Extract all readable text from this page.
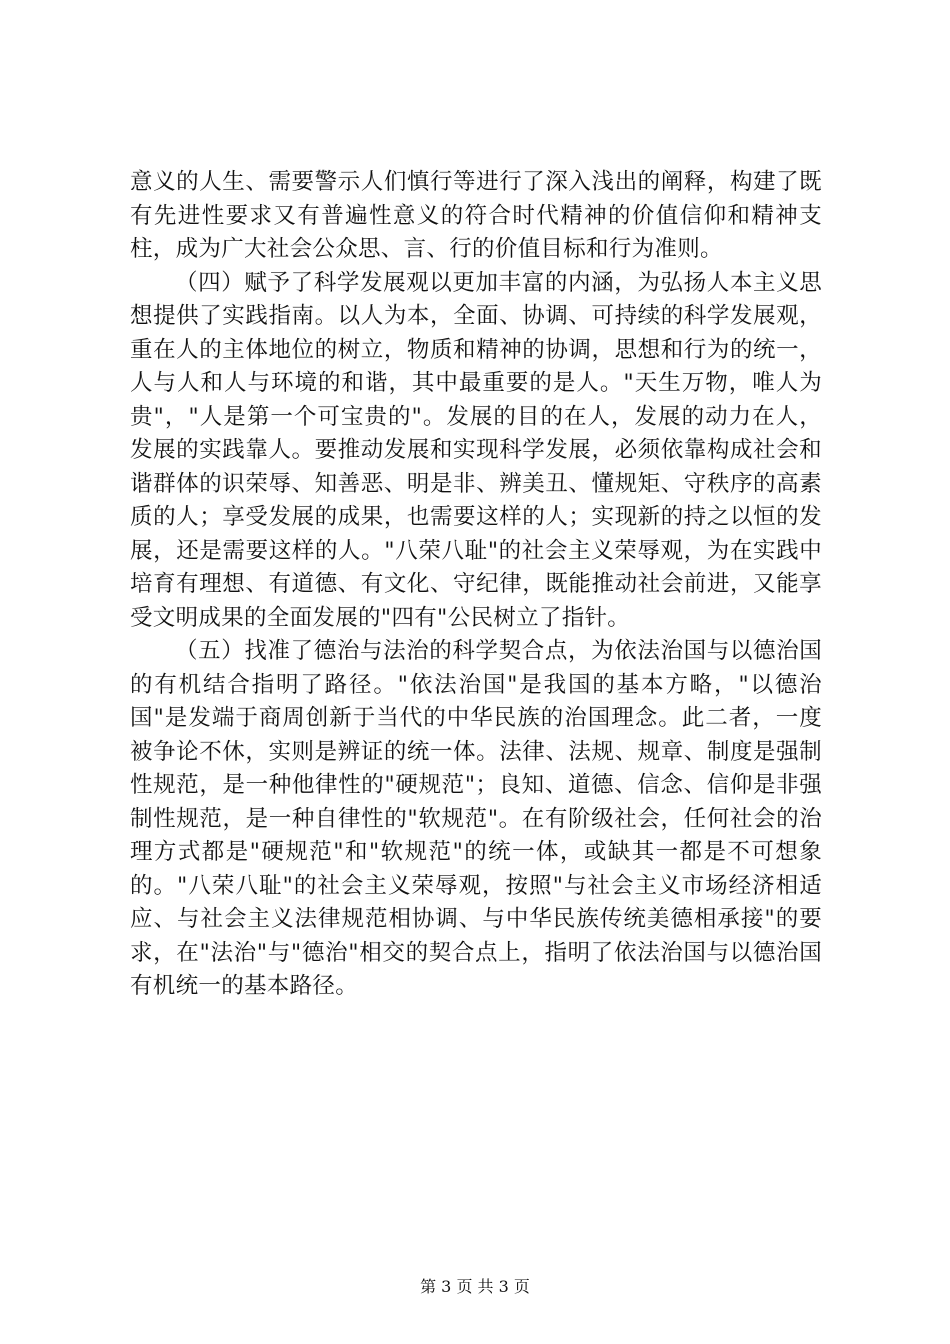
意义的人生、需要警示人们慎行等进行了深入浅出的阐释，构建了既有先进性要求又有普遍性意义的符合时代精神的价值信仰和精神支柱，成为广大社会公众思、言、行的价值目标和行为准则。

（四）赋予了科学发展观以更加丰富的内涵，为弘扬人本主义思想提供了实践指南。以人为本，全面、协调、可持续的科学发展观，重在人的主体地位的树立，物质和精神的协调，思想和行为的统一，人与人和人与环境的和谐，其中最重要的是人。"天生万物，唯人为贵"，"人是第一个可宝贵的"。发展的目的在人，发展的动力在人，发展的实践靠人。要推动发展和实现科学发展，必须依靠构成社会和谐群体的识荣辱、知善恶、明是非、辨美丑、懂规矩、守秩序的高素质的人；享受发展的成果，也需要这样的人；实现新的持之以恒的发展，还是需要这样的人。"八荣八耻"的社会主义荣辱观，为在实践中培育有理想、有道德、有文化、守纪律，既能推动社会前进，又能享受文明成果的全面发展的"四有"公民树立了指针。

（五）找准了德治与法治的科学契合点，为依法治国与以德治国的有机结合指明了路径。"依法治国"是我国的基本方略，"以德治国"是发端于商周创新于当代的中华民族的治国理念。此二者，一度被争论不休，实则是辨证的统一体。法律、法规、规章、制度是强制性规范，是一种他律性的"硬规范"；良知、道德、信念、信仰是非强制性规范，是一种自律性的"软规范"。在有阶级社会，任何社会的治理方式都是"硬规范"和"软规范"的统一体，或缺其一都是不可想象的。"八荣八耻"的社会主义荣辱观，按照"与社会主义市场经济相适应、与社会主义法律规范相协调、与中华民族传统美德相承接"的要求，在"法治"与"德治"相交的契合点上，指明了依法治国与以德治国有机统一的基本路径。

第 3 页 共 3 页
